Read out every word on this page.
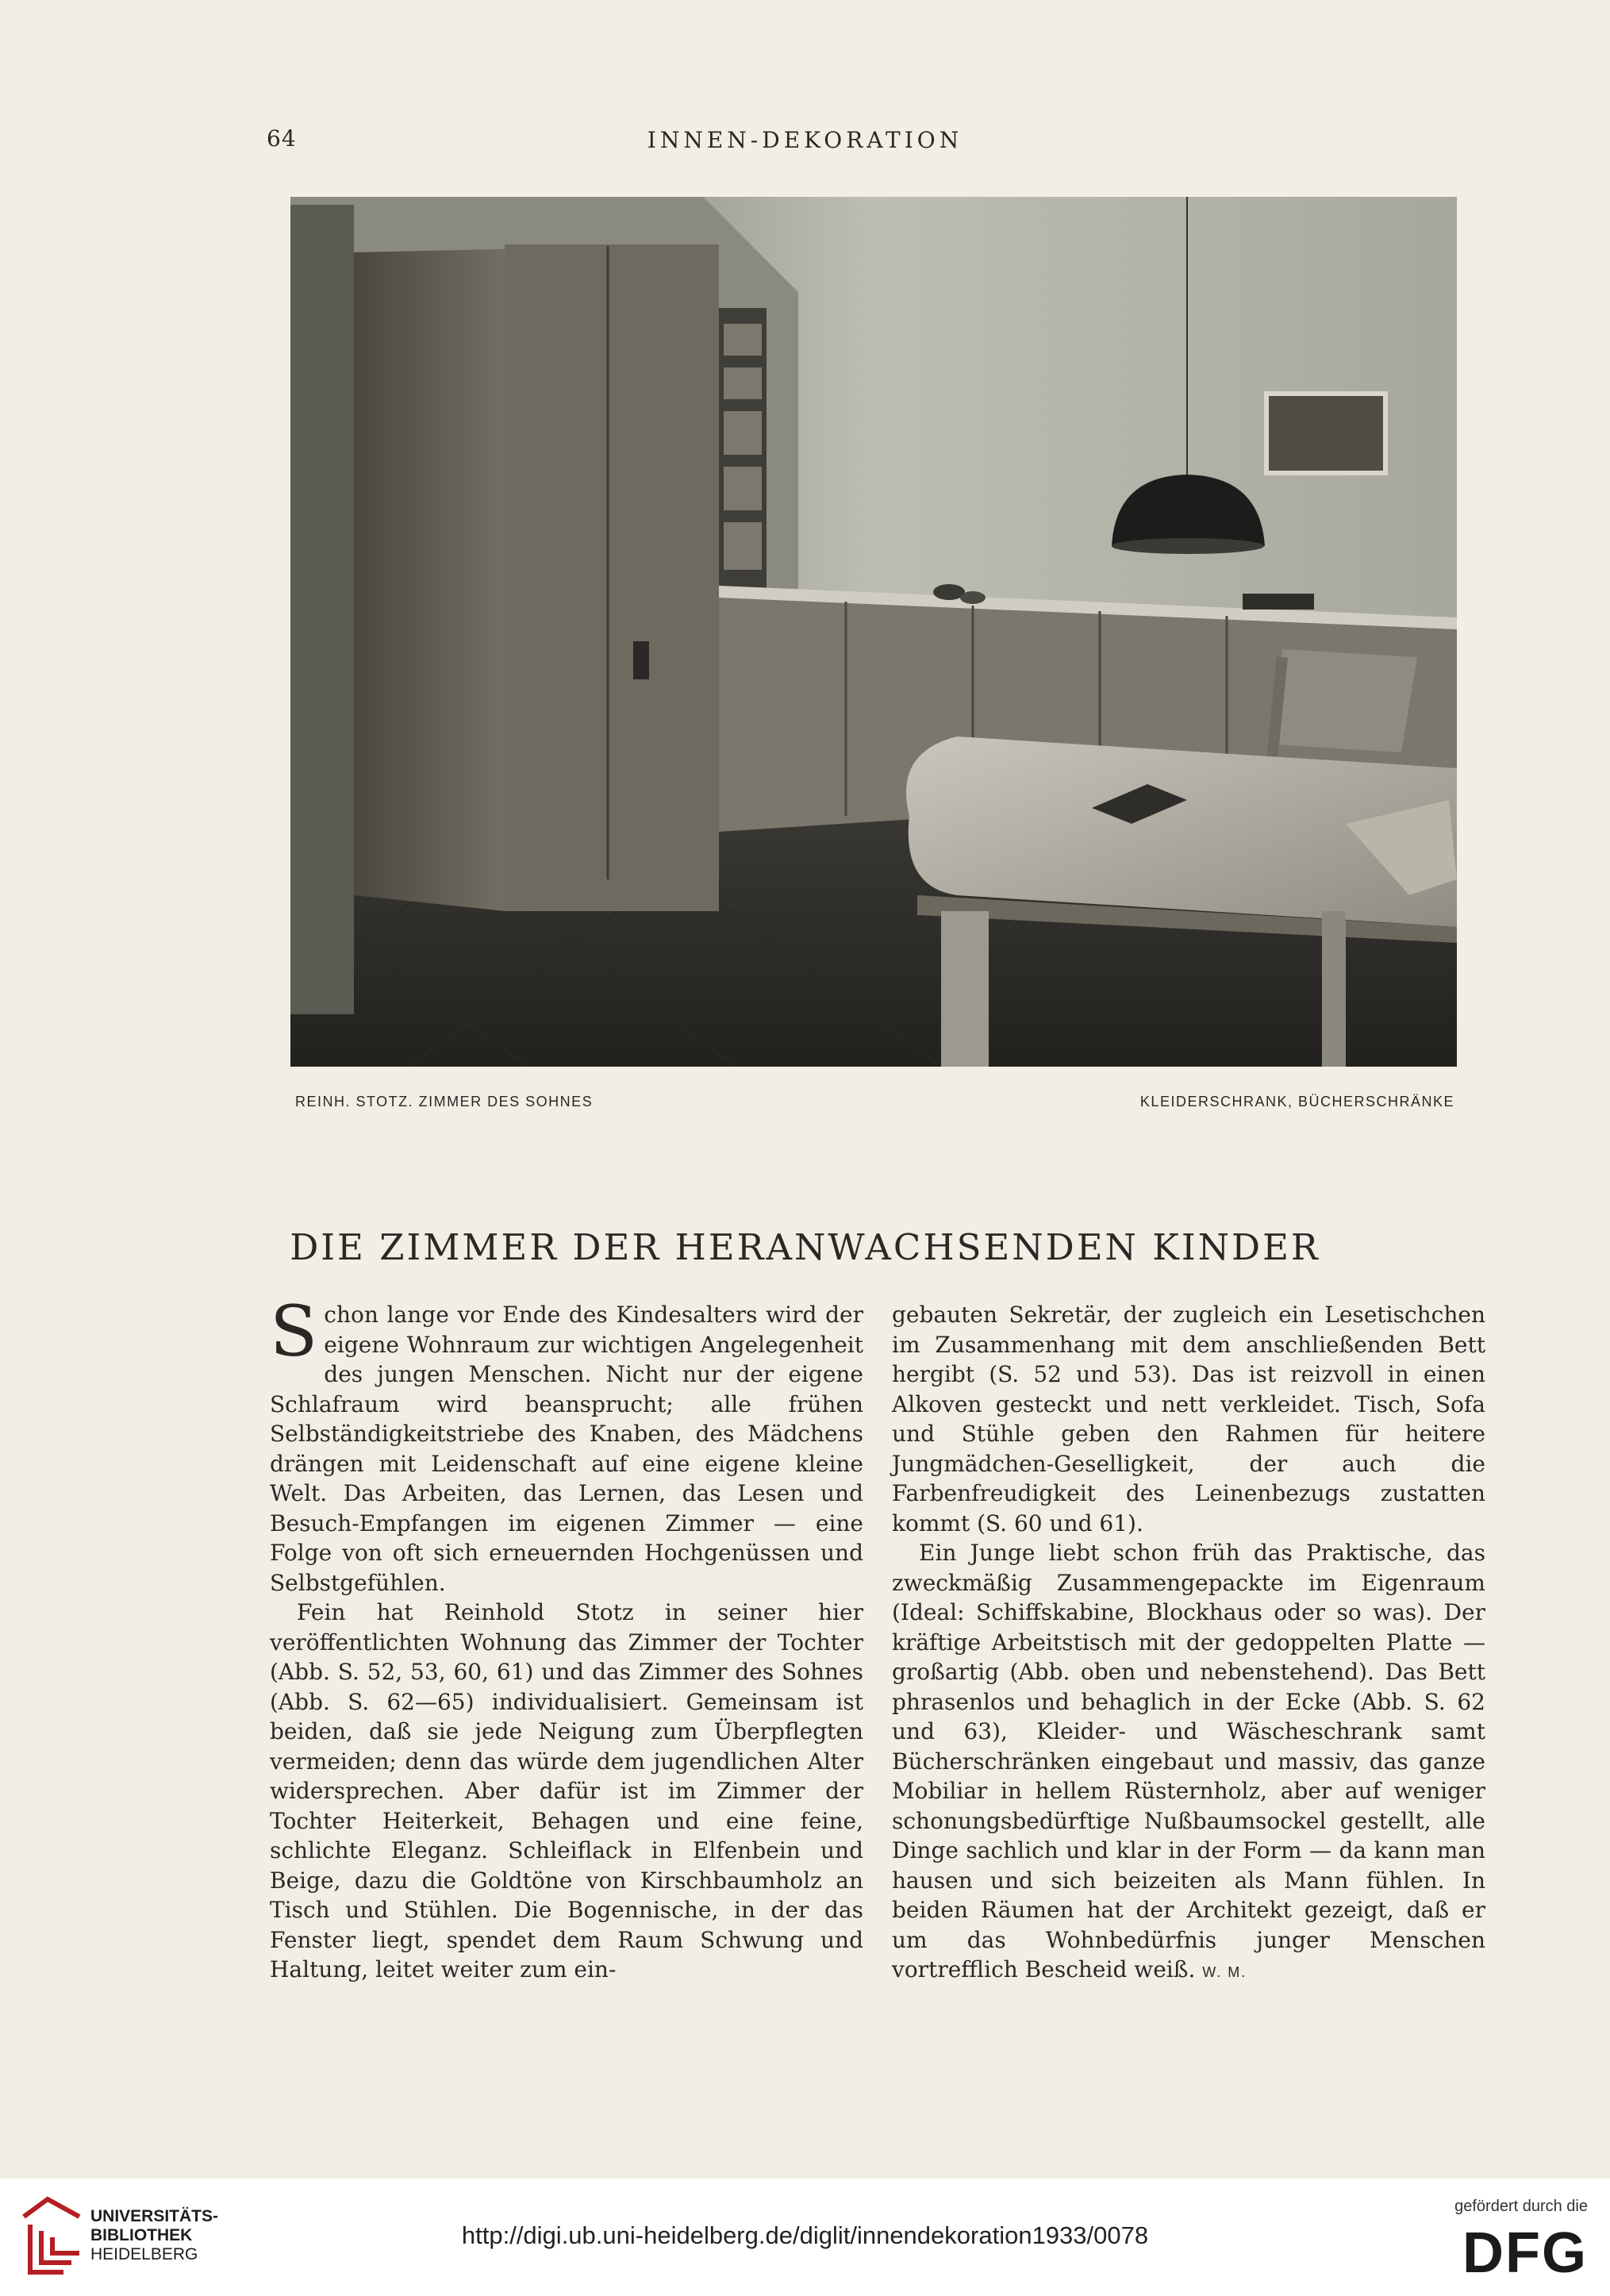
64	INNEN-DEKORATION
REINH. STOTZ. ZIMMER DES SOHNES	KLEIDERSCHRANK, BÜCHERSCHRÄNKE
DIE ZIMMER DER HERANWACHSENDEN KINDER

Schon lange vor Ende des Kindesalters wird der eigene Wohnraum zur wichtigen Angelegenheit des jungen Menschen. Nicht nur der eigene Schlafraum wird beansprucht; alle frühen Selbständigkeitstriebe des Knaben, des Mädchens drängen mit Leidenschaft auf eine eigene kleine Welt. Das Arbeiten, das Lernen, das Lesen und Besuch-Empfangen im eigenen Zimmer — eine Folge von oft sich erneuernden Hochgenüssen und Selbstgefühlen.

Fein hat Reinhold Stotz in seiner hier veröffentlichten Wohnung das Zimmer der Tochter (Abb. S. 52, 53, 60, 61) und das Zimmer des Sohnes (Abb. S. 62—65) individualisiert. Gemeinsam ist beiden, daß sie jede Neigung zum Überpflegten vermeiden; denn das würde dem jugendlichen Alter widersprechen. Aber dafür ist im Zimmer der Tochter Heiterkeit, Behagen und eine feine, schlichte Eleganz. Schleiflack in Elfenbein und Beige, dazu die Goldtöne von Kirschbaumholz an Tisch und Stühlen. Die Bogennische, in der das Fenster liegt, spendet dem Raum Schwung und Haltung, leitet weiter zum ein-

gebauten Sekretär, der zugleich ein Lesetischchen im Zusammenhang mit dem anschließenden Bett hergibt (S. 52 und 53). Das ist reizvoll in einen Alkoven gesteckt und nett verkleidet. Tisch, Sofa und Stühle geben den Rahmen für heitere Jungmädchen-Geselligkeit, der auch die Farbenfreudigkeit des Leinenbezugs zustatten kommt (S. 60 und 61).

Ein Junge liebt schon früh das Praktische, das zweckmäßig Zusammengepackte im Eigenraum (Ideal: Schiffskabine, Blockhaus oder so was). Der kräftige Arbeitstisch mit der gedoppelten Platte — großartig (Abb. oben und nebenstehend). Das Bett phrasenlos und behaglich in der Ecke (Abb. S. 62 und 63), Kleider- und Wäscheschrank samt Bücherschränken eingebaut und massiv, das ganze Mobiliar in hellem Rüsternholz, aber auf weniger schonungsbedürftige Nußbaumsockel gestellt, alle Dinge sachlich und klar in der Form — da kann man hausen und sich beizeiten als Mann fühlen. In beiden Räumen hat der Architekt gezeigt, daß er um das Wohnbedürfnis junger Menschen vortrefflich Bescheid weiß. W. M.

UNIVERSITÄTS-
BIBLIOTHEK
HEIDELBERG
http://digi.ub.uni-heidelberg.de/diglit/innendekoration1933/0078
gefördert durch die
DFG
